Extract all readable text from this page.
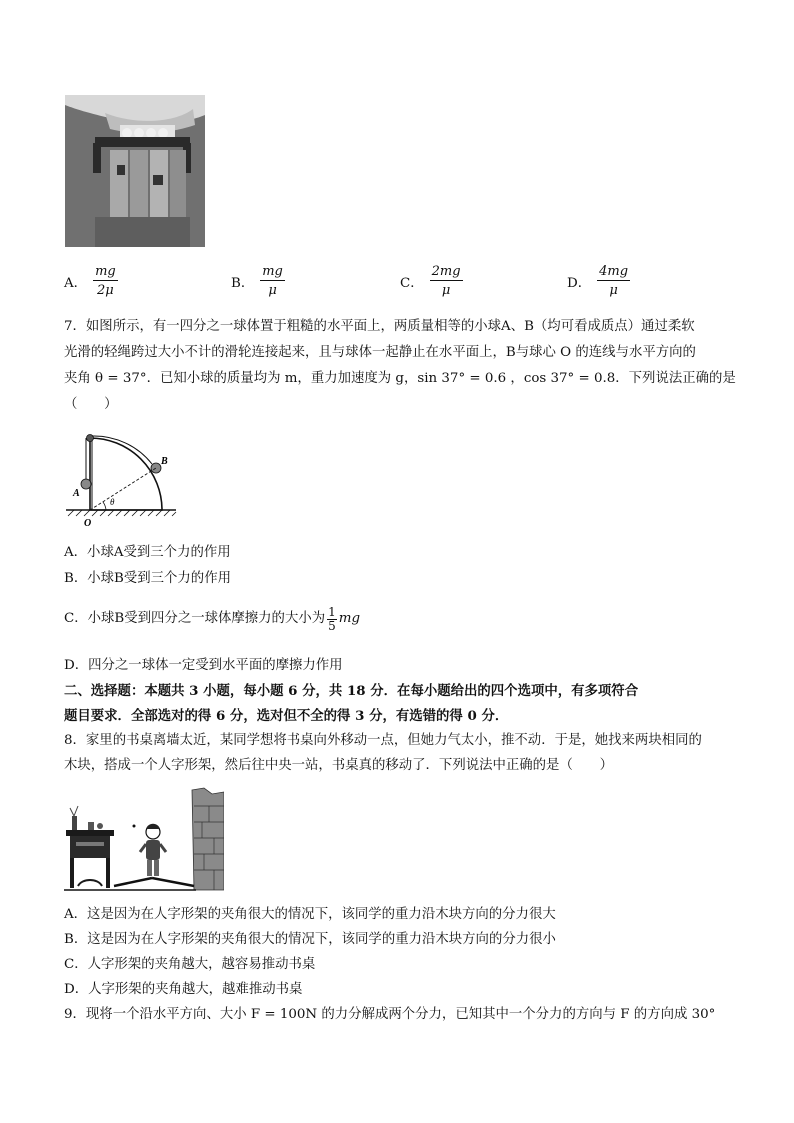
A． $\frac{mg}{2\mu}$	B． $\frac{mg}{\mu}$	C． $\frac{2mg}{\mu}$	D． $\frac{4mg}{\mu}$
7．如图所示，有一四分之一球体置于粗糙的水平面上，两质量相等的小球A、B（均可看成质点）通过柔软
光滑的轻绳跨过大小不计的滑轮连接起来，且与球体一起静止在水平面上，B与球心 O 的连线与水平方向的
夹角 θ = 37°．已知小球的质量均为 m，重力加速度为 g，sin 37° = 0.6 ，cos 37° = 0.8．下列说法正确的是
（　　）
A
B
O
θ
A．小球A受到三个力的作用
B．小球B受到三个力的作用
C．小球B受到四分之一球体摩擦力的大小为 $\frac{1}{5}$ mg
D．四分之一球体一定受到水平面的摩擦力作用
二、选择题：本题共 3 小题，每小题 6 分，共 18 分．在每小题给出的四个选项中，有多项符合
题目要求．全部选对的得 6 分，选对但不全的得 3 分，有选错的得 0 分．
8．家里的书桌离墙太近，某同学想将书桌向外移动一点，但她力气太小，推不动．于是，她找来两块相同的
木块，搭成一个人字形架，然后往中央一站，书桌真的移动了．下列说法中正确的是（　　）
A．这是因为在人字形架的夹角很大的情况下，该同学的重力沿木块方向的分力很大
B．这是因为在人字形架的夹角很大的情况下，该同学的重力沿木块方向的分力很小
C．人字形架的夹角越大，越容易推动书桌
D．人字形架的夹角越大，越难推动书桌
9．现将一个沿水平方向、大小 F = 100N 的力分解成两个分力，已知其中一个分力的方向与 F 的方向成 30°
